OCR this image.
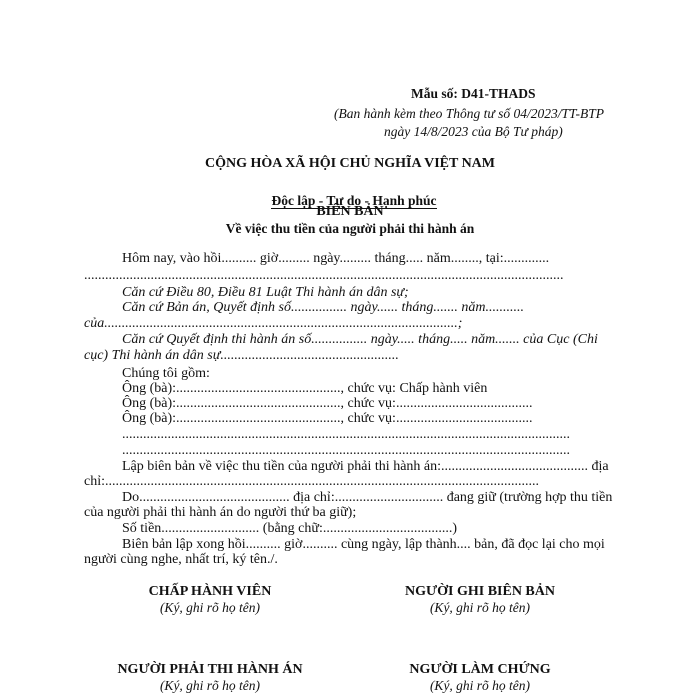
Mẫu số: D41-THADS
(Ban hành kèm theo Thông tư số 04/2023/TT-BTP
ngày 14/8/2023 của Bộ Tư pháp)
CỘNG HÒA XÃ HỘI CHỦ NGHĨA VIỆT NAM

Độc lập - Tự do - Hạnh phúc

BIÊN BẢN
Về việc thu tiền của người phải thi hành án
Hôm nay, vào hồi.......... giờ......... ngày......... tháng..... năm........, tại:.............
.........................................................................................................................................
Căn cứ Điều 80, Điều 81 Luật Thi hành án dân sự;
Căn cứ Bản án, Quyết định số................ ngày...... tháng....... năm...........
của.....................................................................................................;
Căn cứ Quyết định thi hành án số................ ngày..... tháng..... năm....... của Cục (Chi
cục) Thi hành án dân sự...................................................
Chúng tôi gồm:
Ông (bà):..............................................., chức vụ: Chấp hành viên
Ông (bà):..............................................., chức vụ:.......................................
Ông (bà):..............................................., chức vụ:.......................................
................................................................................................................................
................................................................................................................................
Lập biên bản về việc thu tiền của người phải thi hành án:.......................................... địa
chỉ:............................................................................................................................
Do........................................... địa chỉ:............................... đang giữ (trường hợp thu tiền
của người phải thi hành án do người thứ ba giữ);
Số tiền............................ (bằng chữ:.....................................)
Biên bản lập xong hồi.......... giờ.......... cùng ngày, lập thành.... bản, đã đọc lại cho mọi
người cùng nghe, nhất trí, ký tên./.
CHẤP HÀNH VIÊN
(Ký, ghi rõ họ tên)
NGƯỜI GHI BIÊN BẢN
(Ký, ghi rõ họ tên)
NGƯỜI PHẢI THI HÀNH ÁN
(Ký, ghi rõ họ tên)
NGƯỜI LÀM CHỨNG
(Ký, ghi rõ họ tên)
